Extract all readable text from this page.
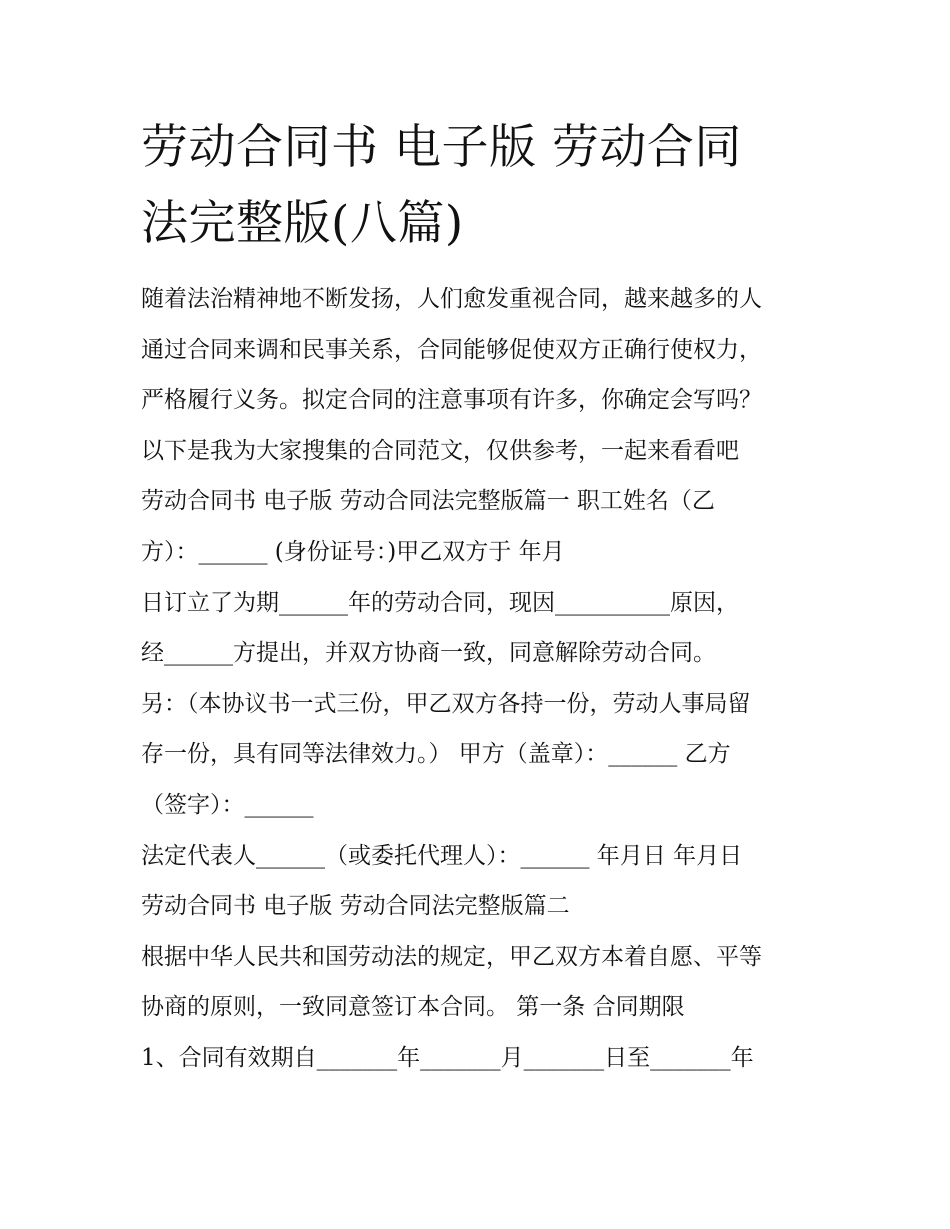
劳动合同书 电子版 劳动合同
法完整版(八篇)
随着法治精神地不断发扬，人们愈发重视合同，越来越多的人
通过合同来调和民事关系，合同能够促使双方正确行使权力，
严格履行义务。拟定合同的注意事项有许多，你确定会写吗？
以下是我为大家搜集的合同范文，仅供参考，一起来看看吧
劳动合同书 电子版 劳动合同法完整版篇一 职工姓名（乙
方）：______ (身份证号：)甲乙双方于 年月
日订立了为期______年的劳动合同，现因__________原因，
经______方提出，并双方协商一致，同意解除劳动合同。
另：（本协议书一式三份，甲乙双方各持一份，劳动人事局留
存一份，具有同等法律效力。） 甲方（盖章）：______ 乙方
（签字）：______
法定代表人______（或委托代理人）：______ 年月日 年月日
劳动合同书 电子版 劳动合同法完整版篇二
根据中华人民共和国劳动法的规定，甲乙双方本着自愿、平等
协商的原则，一致同意签订本合同。 第一条 合同期限
1、合同有效期自_______年_______月_______日至_______年
